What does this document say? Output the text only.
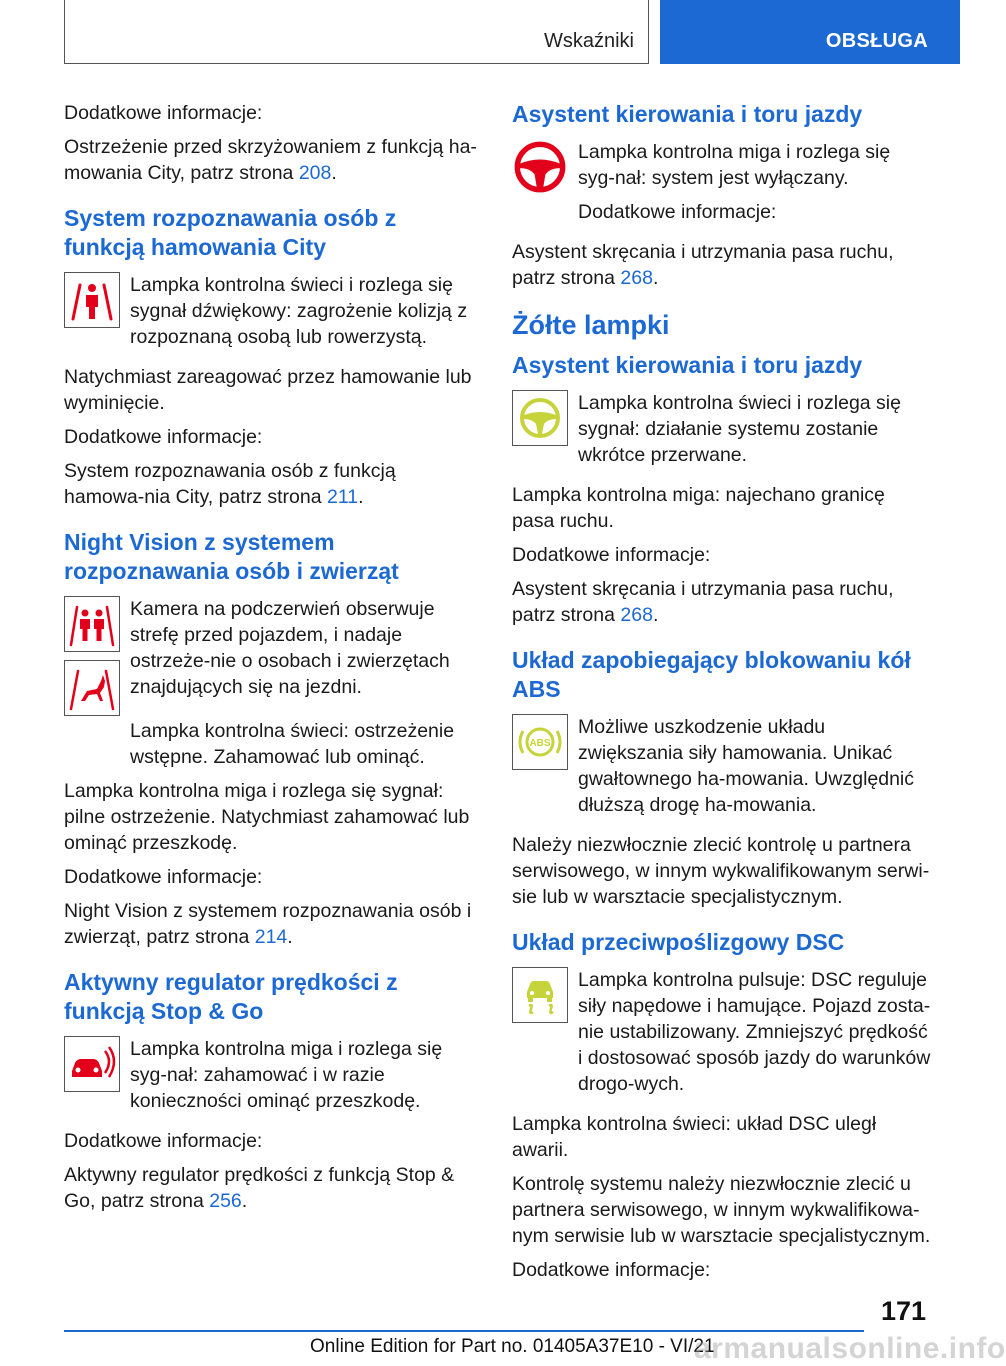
Wskaźniki	OBSŁUGA

Dodatkowe informacje:

Ostrzeżenie przed skrzyżowaniem z funkcją ha-mowania City, patrz strona 208.

System rozpoznawania osób z funkcją hamowania City

Lampka kontrolna świeci i rozlega się sygnał dźwiękowy: zagrożenie kolizją z rozpoznaną osobą lub rowerzystą.

Natychmiast zareagować przez hamowanie lub wyminięcie.

Dodatkowe informacje:

System rozpoznawania osób z funkcją hamowa-nia City, patrz strona 211.

Night Vision z systemem rozpoznawania osób i zwierząt

Kamera na podczerwień obserwuje strefę przed pojazdem, i nadaje ostrzeże-nie o osobach i zwierzętach znajdujących się na jezdni.

Lampka kontrolna świeci: ostrzeżenie wstępne. Zahamować lub ominąć.

Lampka kontrolna miga i rozlega się sygnał: pilne ostrzeżenie. Natychmiast zahamować lub ominąć przeszkodę.

Dodatkowe informacje:

Night Vision z systemem rozpoznawania osób i zwierząt, patrz strona 214.

Aktywny regulator prędkości z funkcją Stop & Go

Lampka kontrolna miga i rozlega się syg-nał: zahamować i w razie konieczności ominąć przeszkodę.

Dodatkowe informacje:

Aktywny regulator prędkości z funkcją Stop & Go, patrz strona 256.

Asystent kierowania i toru jazdy

Lampka kontrolna miga i rozlega się syg-nał: system jest wyłączany.

Dodatkowe informacje:

Asystent skręcania i utrzymania pasa ruchu, patrz strona 268.

Żółte lampki
Asystent kierowania i toru jazdy

Lampka kontrolna świeci i rozlega się sygnał: działanie systemu zostanie wkrótce przerwane.

Lampka kontrolna miga: najechano granicę pasa ruchu.

Dodatkowe informacje:

Asystent skręcania i utrzymania pasa ruchu, patrz strona 268.

Układ zapobiegający blokowaniu kół ABS
ABS

Możliwe uszkodzenie układu zwiększania siły hamowania. Unikać gwałtownego ha-mowania. Uwzględnić dłuższą drogę ha-mowania.

Należy niezwłocznie zlecić kontrolę u partnera serwisowego, w innym wykwalifikowanym serwi-sie lub w warsztacie specjalistycznym.

Układ przeciwpoślizgowy DSC

Lampka kontrolna pulsuje: DSC reguluje siły napędowe i hamujące. Pojazd zosta-nie ustabilizowany. Zmniejszyć prędkość i dostosować sposób jazdy do warunków drogo-wych.

Lampka kontrolna świeci: układ DSC uległ awarii.

Kontrolę systemu należy niezwłocznie zlecić u partnera serwisowego, w innym wykwalifikowa-nym serwisie lub w warsztacie specjalistycznym.

Dodatkowe informacje:

171
Online Edition for Part no. 01405A37E10 - VI/21
armanualsonline.info
